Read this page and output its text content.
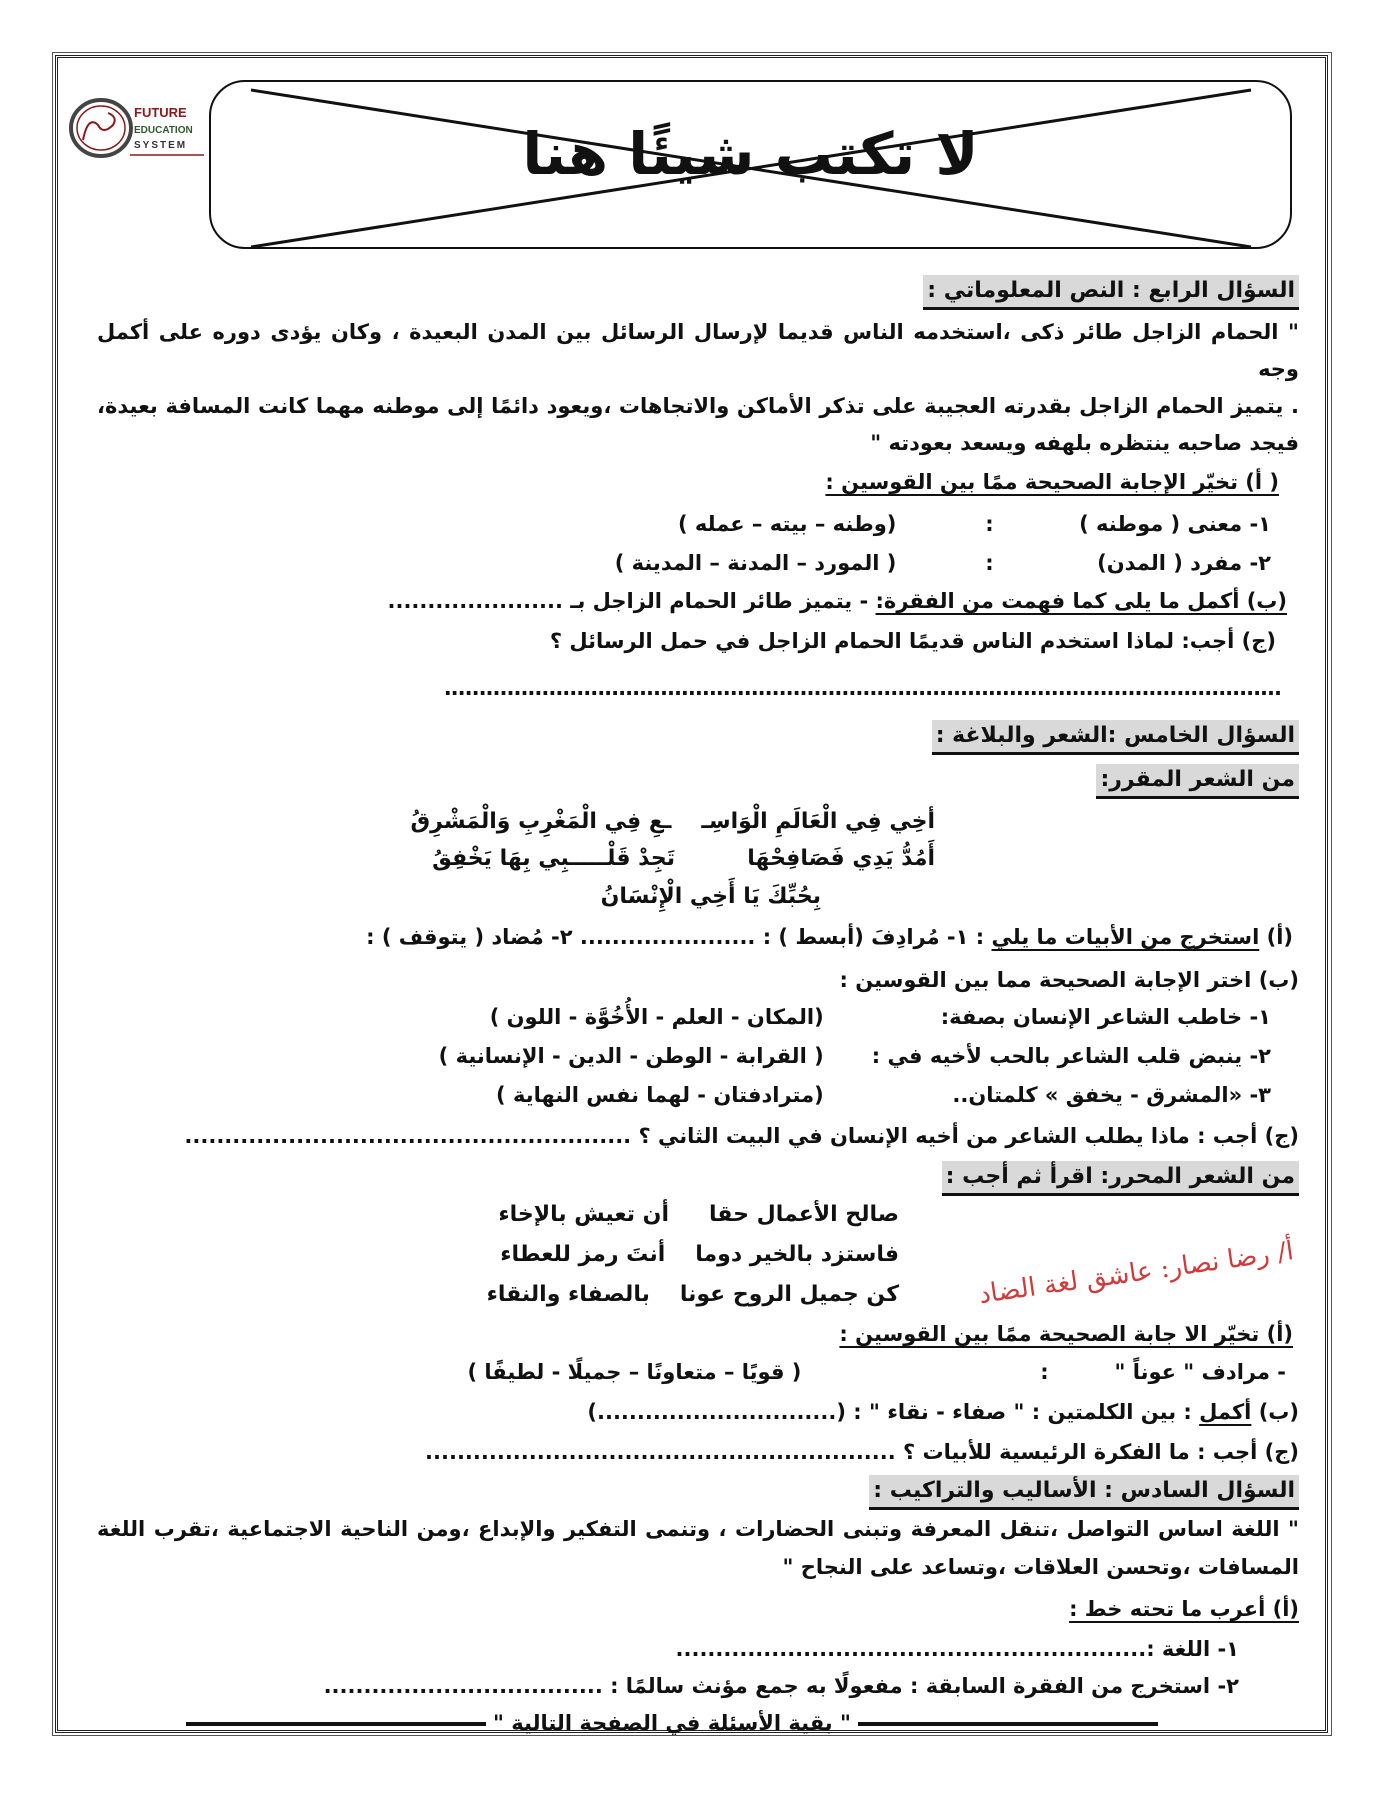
FUTURE
EDUCATION
SYSTEM	لا تكتب شيئًا هنا
السؤال الرابع : النص المعلوماتي :
" الحمام الزاجل طائر ذكى ،استخدمه الناس قديما لإرسال الرسائل بين المدن البعيدة ، وكان يؤدى دوره على أكمل وجه
. يتميز الحمام الزاجل بقدرته العجيبة على تذكر الأماكن والاتجاهات ،ويعود دائمًا إلى موطنه مهما كانت المسافة بعيدة،
فيجد صاحبه ينتظره بلهفه ويسعد بعودته "
( أ) تخيّر الإجابة الصحيحة ممًا بين القوسين :
١- معنى ( موطنه ) : (وطنه – بيته – عمله )
٢- مفرد ( المدن) : ( المورد – المدنة – المدينة )
(ب) أكمل ما يلى كما فهمت من الفقرة: - يتميز طائر الحمام الزاجل بـ ......................
(ج) أجب: لماذا استخدم الناس قديمًا الحمام الزاجل في حمل الرسائل ؟
........................................................................................................................
السؤال الخامس :الشعر والبلاغة :
من الشعر المقرر:
أخِي فِي الْعَالَمِ الْوَاسِـ
ـعِ فِي الْمَغْرِبِ وَالْمَشْرِقُ
أَمُدُّ يَدِي فَصَافِحْهَا
تَجِدْ قَلْـــــبِي بِهَا يَخْفِقُ
بِحُبِّكَ يَا أَخِي الْإِنْسَانُ
(أ) استخرج من الأبيات ما يلي : ١- مُرادِفَ (أبسط ) : ...................... ٢- مُضاد ( يتوقف ) :
(ب) اختر الإجابة الصحيحة مما بين القوسين :
١- خاطب الشاعر الإنسان بصفة: (المكان - العلم - الأُخُوَّة - اللون )
٢- ينبض قلب الشاعر بالحب لأخيه في : ( القرابة - الوطن - الدين - الإنسانية )
٣- «المشرق - يخفق » كلمتان.. (مترادفتان - لهما نفس النهاية )
(ج) أجب : ماذا يطلب الشاعر من أخيه الإنسان في البيت الثاني ؟ ........................................................
من الشعر المحرر: اقرأ ثم أجب :
صالح الأعمال حقا
أن تعيش بالإخاء
فاستزد بالخير دوما
أنتَ رمز للعطاء
كن جميل الروح عونا
بالصفاء والنقاء	أ/ رضا نصار: عاشق لغة الضاد
(أ) تخيّر الا جابة الصحيحة ممًا بين القوسين :
- مرادف " عوناً " : ( قويًا – متعاونًا – جميلًا - لطيفًا )
(ب) أكمل : بين الكلمتين : " صفاء - نقاء " : (..............................)
(ج) أجب : ما الفكرة الرئيسية للأبيات ؟ ...........................................................
السؤال السادس : الأساليب والتراكيب :
" اللغة اساس التواصل ،تنقل المعرفة وتبنى الحضارات ، وتنمى التفكير والإبداع ،ومن الناحية الاجتماعية ،تقرب اللغة
المسافات ،وتحسن العلاقات ،وتساعد على النجاح "
(أ) أعرب ما تحته خط :
١- اللغة :...........................................................
٢- استخرج من الفقرة السابقة : مفعولًا به جمع مؤنث سالمًا : ...................................
" بقية الأسئلة في الصفحة التالية "
